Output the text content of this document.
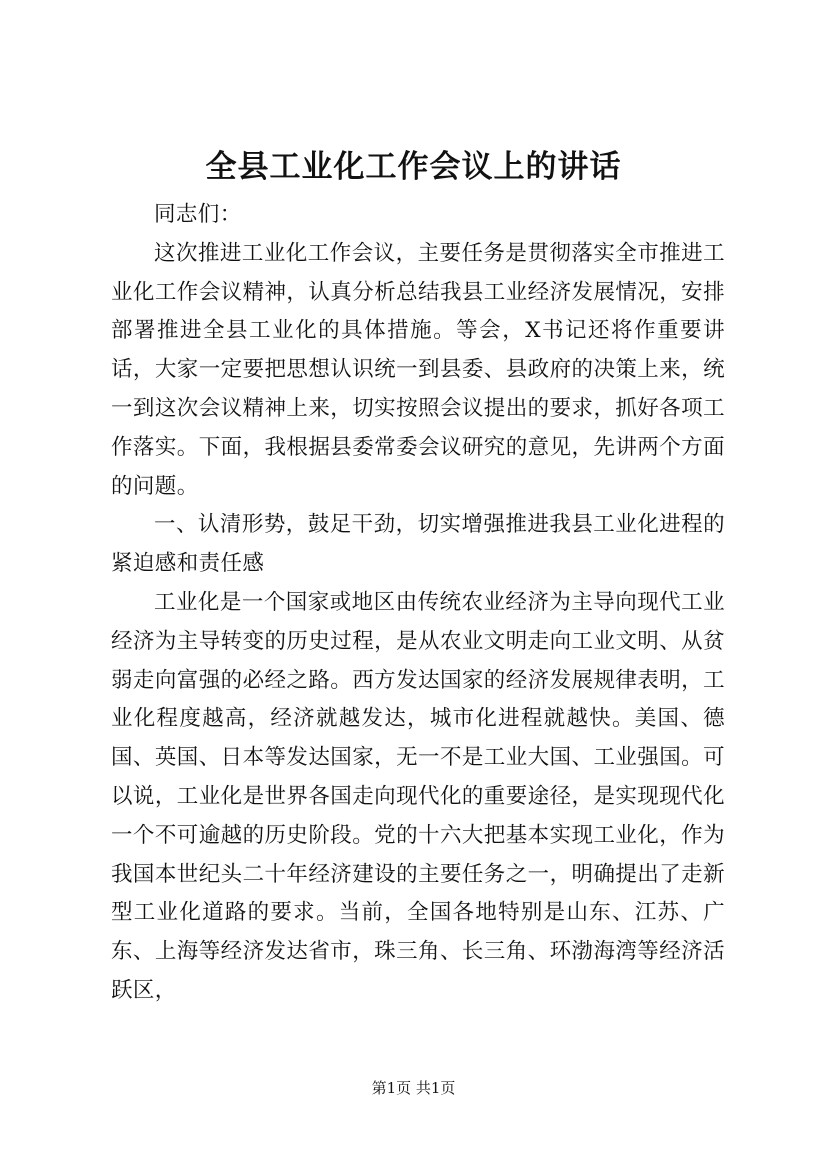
全县工业化工作会议上的讲话

同志们：

这次推进工业化工作会议，主要任务是贯彻落实全市推进工业化工作会议精神，认真分析总结我县工业经济发展情况，安排部署推进全县工业化的具体措施。等会，X书记还将作重要讲话，大家一定要把思想认识统一到县委、县政府的决策上来，统一到这次会议精神上来，切实按照会议提出的要求，抓好各项工作落实。下面，我根据县委常委会议研究的意见，先讲两个方面的问题。

一、认清形势，鼓足干劲，切实增强推进我县工业化进程的紧迫感和责任感

工业化是一个国家或地区由传统农业经济为主导向现代工业经济为主导转变的历史过程，是从农业文明走向工业文明、从贫弱走向富强的必经之路。西方发达国家的经济发展规律表明，工业化程度越高，经济就越发达，城市化进程就越快。美国、德国、英国、日本等发达国家，无一不是工业大国、工业强国。可以说，工业化是世界各国走向现代化的重要途径，是实现现代化一个不可逾越的历史阶段。党的十六大把基本实现工业化，作为我国本世纪头二十年经济建设的主要任务之一，明确提出了走新型工业化道路的要求。当前，全国各地特别是山东、江苏、广东、上海等经济发达省市，珠三角、长三角、环渤海湾等经济活跃区，

第1页 共1页
